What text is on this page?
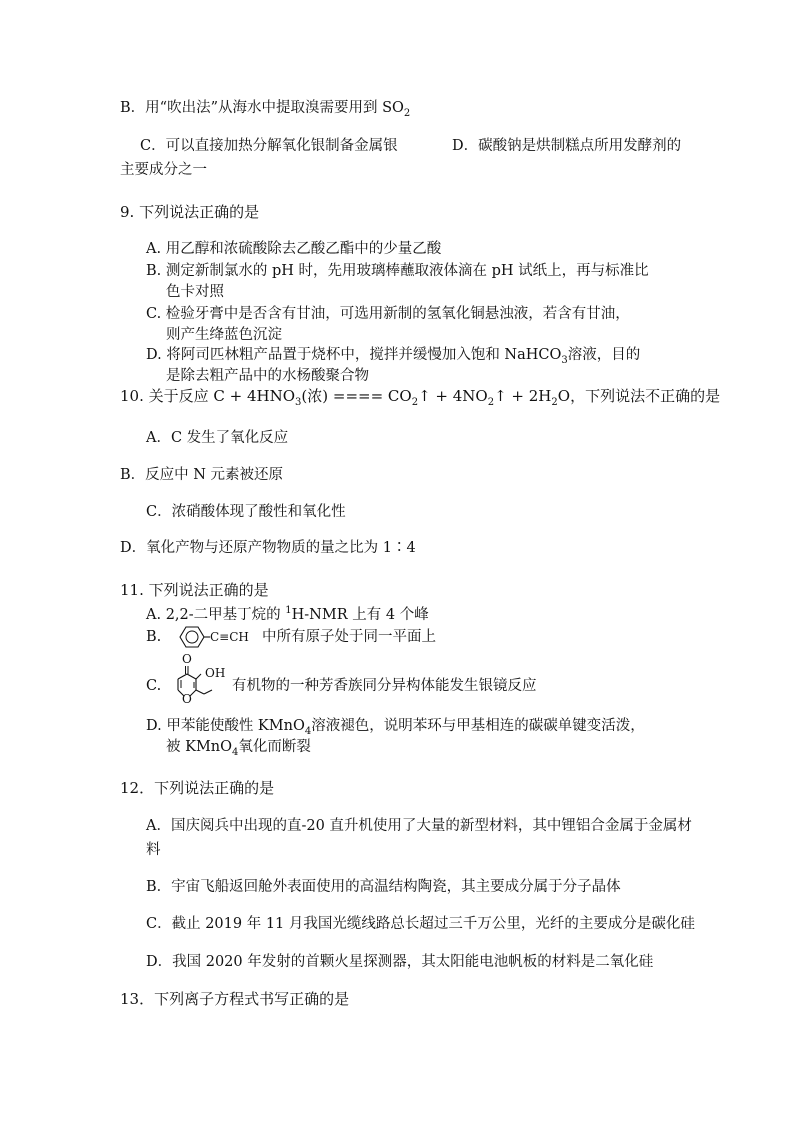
B．用“吹出法”从海水中提取溴需要用到 $SO_2$
C．可以直接加热分解氧化银制备金属银	D．碳酸钠是烘制糕点所用发酵剂的
主要成分之一
9. 下列说法正确的是
A. 用乙醇和浓硫酸除去乙酸乙酯中的少量乙酸
B. 测定新制氯水的 pH 时，先用玻璃棒蘸取液体滴在 pH 试纸上，再与标准比
色卡对照
C. 检验牙膏中是否含有甘油，可选用新制的氢氧化铜悬浊液，若含有甘油，
则产生绛蓝色沉淀
D. 将阿司匹林粗产品置于烧杯中，搅拌并缓慢加入饱和 NaHCO$_3$溶液，目的
是除去粗产品中的水杨酸聚合物
10. 关于反应 $C + 4HNO_3$(浓) ==== $CO_2↑$ + $4NO_2↑ + 2H_2O$，下列说法不正确的是
A．C 发生了氧化反应
B．反应中 N 元素被还原
C．浓硝酸体现了酸性和氧化性
D．氧化产物与还原产物物质的量之比为 1∶4
11. 下列说法正确的是
A. 2,2-二甲基丁烷的 $^1$H-NMR 上有 4 个峰
B.	C≡CH 中所有原子处于同一平面上
C.
O
OH
O
有机物的一种芳香族同分异构体能发生银镜反应
D. 甲苯能使酸性 KMnO$_4$溶液褪色，说明苯环与甲基相连的碳碳单键变活泼，
被 KMnO$_4$氧化而断裂
12．下列说法正确的是
A．国庆阅兵中出现的直-20 直升机使用了大量的新型材料，其中锂铝合金属于金属材
料
B．宇宙飞船返回舱外表面使用的高温结构陶瓷，其主要成分属于分子晶体
C．截止 2019 年 11 月我国光缆线路总长超过三千万公里，光纤的主要成分是碳化硅
D．我国 2020 年发射的首颗火星探测器，其太阳能电池帆板的材料是二氧化硅
13．下列离子方程式书写正确的是
